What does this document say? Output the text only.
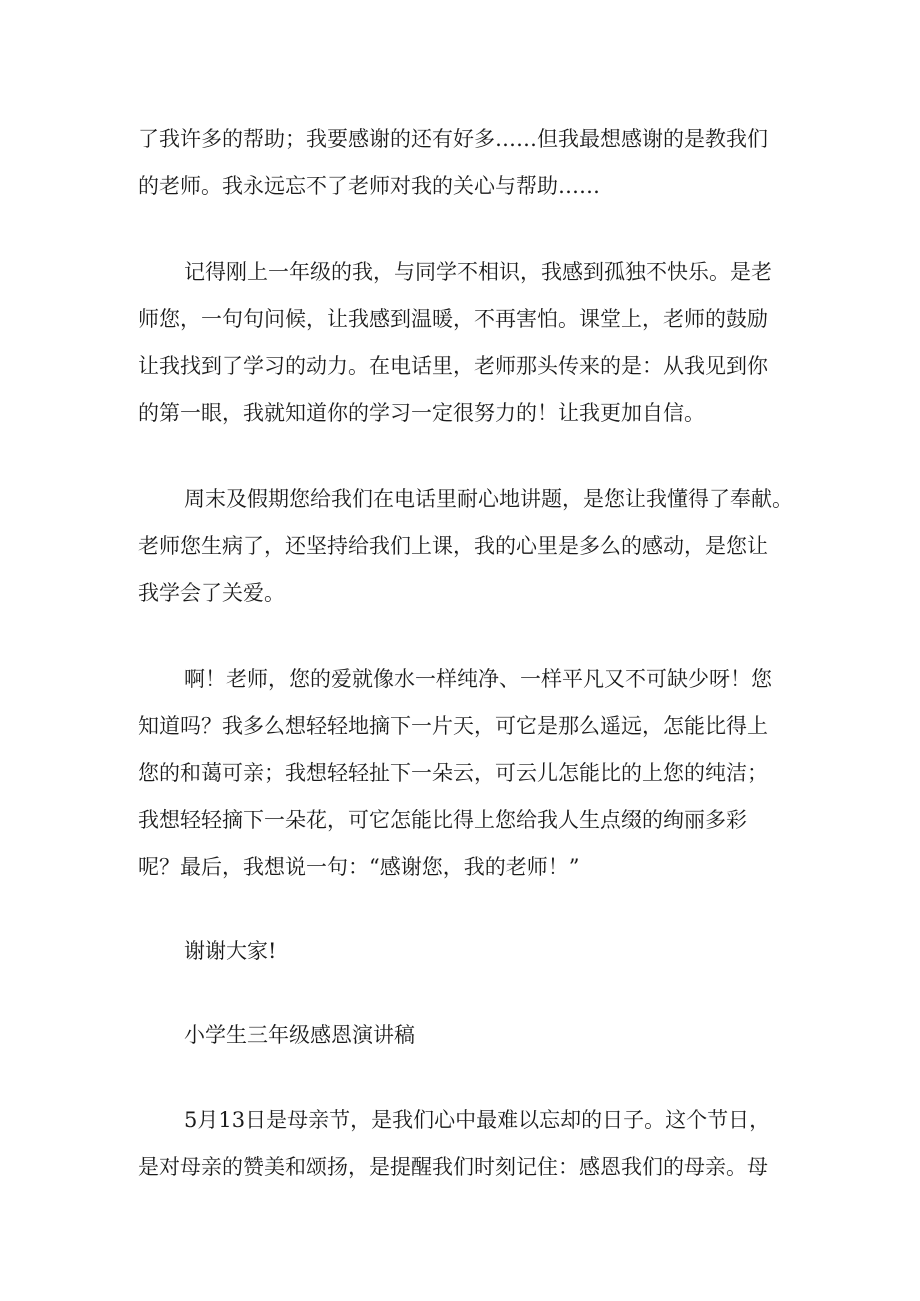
了我许多的帮助；我要感谢的还有好多……但我最想感谢的是教我们
的老师。我永远忘不了老师对我的关心与帮助……
记得刚上一年级的我，与同学不相识，我感到孤独不快乐。是老
师您，一句句问候，让我感到温暖，不再害怕。课堂上，老师的鼓励
让我找到了学习的动力。在电话里，老师那头传来的是：从我见到你
的第一眼，我就知道你的学习一定很努力的！让我更加自信。
周末及假期您给我们在电话里耐心地讲题，是您让我懂得了奉献。
老师您生病了，还坚持给我们上课，我的心里是多么的感动，是您让
我学会了关爱。
啊！老师，您的爱就像水一样纯净、一样平凡又不可缺少呀！您
知道吗？我多么想轻轻地摘下一片天，可它是那么遥远，怎能比得上
您的和蔼可亲；我想轻轻扯下一朵云，可云儿怎能比的上您的纯洁；
我想轻轻摘下一朵花，可它怎能比得上您给我人生点缀的绚丽多彩
呢？最后，我想说一句：“感谢您，我的老师！”
谢谢大家!
小学生三年级感恩演讲稿
5月13日是母亲节，是我们心中最难以忘却的日子。这个节日，
是对母亲的赞美和颂扬，是提醒我们时刻记住：感恩我们的母亲。母
